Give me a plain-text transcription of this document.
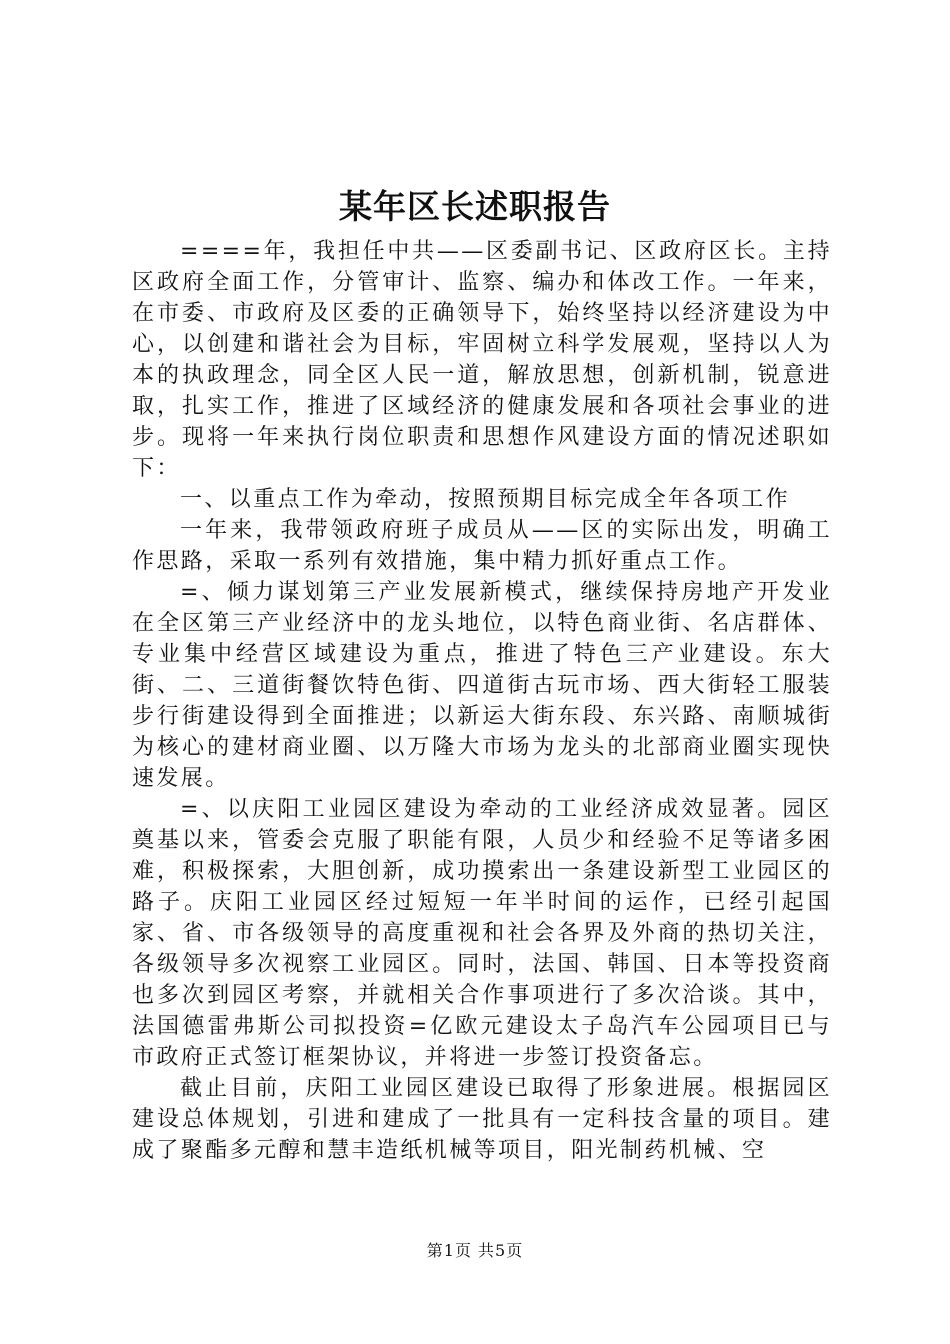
某年区长述职报告

====年，我担任中共——区委副书记、区政府区长。主持区政府全面工作，分管审计、监察、编办和体改工作。一年来，在市委、市政府及区委的正确领导下，始终坚持以经济建设为中心，以创建和谐社会为目标，牢固树立科学发展观，坚持以人为本的执政理念，同全区人民一道，解放思想，创新机制，锐意进取，扎实工作，推进了区域经济的健康发展和各项社会事业的进步。现将一年来执行岗位职责和思想作风建设方面的情况述职如下：

一、以重点工作为牵动，按照预期目标完成全年各项工作

一年来，我带领政府班子成员从——区的实际出发，明确工作思路，采取一系列有效措施，集中精力抓好重点工作。

=、倾力谋划第三产业发展新模式，继续保持房地产开发业在全区第三产业经济中的龙头地位，以特色商业街、名店群体、专业集中经营区域建设为重点，推进了特色三产业建设。东大街、二、三道街餐饮特色街、四道街古玩市场、西大街轻工服装步行街建设得到全面推进；以新运大街东段、东兴路、南顺城街为核心的建材商业圈、以万隆大市场为龙头的北部商业圈实现快速发展。

=、以庆阳工业园区建设为牵动的工业经济成效显著。园区奠基以来，管委会克服了职能有限，人员少和经验不足等诸多困难，积极探索，大胆创新，成功摸索出一条建设新型工业园区的路子。庆阳工业园区经过短短一年半时间的运作，已经引起国家、省、市各级领导的高度重视和社会各界及外商的热切关注，各级领导多次视察工业园区。同时，法国、韩国、日本等投资商也多次到园区考察，并就相关合作事项进行了多次洽谈。其中，法国德雷弗斯公司拟投资=亿欧元建设太子岛汽车公园项目已与市政府正式签订框架协议，并将进一步签订投资备忘。

截止目前，庆阳工业园区建设已取得了形象进展。根据园区建设总体规划，引进和建成了一批具有一定科技含量的项目。建成了聚酯多元醇和慧丰造纸机械等项目，阳光制药机械、空

第1页 共5页
